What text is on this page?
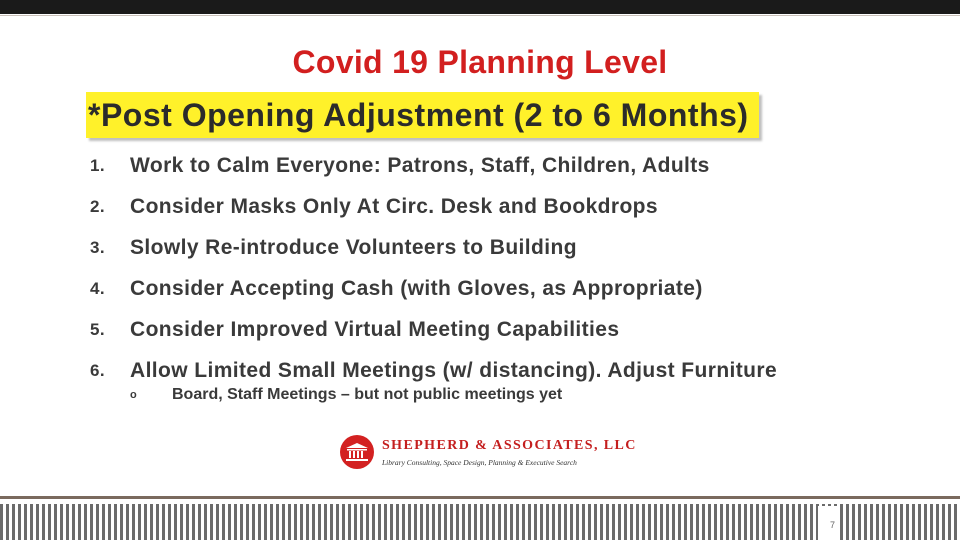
Covid 19 Planning Level
*Post Opening Adjustment (2 to 6 Months)
1.	Work to Calm Everyone: Patrons, Staff, Children, Adults
2.	Consider Masks Only At Circ. Desk and Bookdrops
3.	Slowly Re-introduce Volunteers to Building
4.	Consider Accepting Cash (with Gloves, as Appropriate)
5.	Consider Improved Virtual Meeting Capabilities
6.	Allow Limited Small Meetings (w/ distancing). Adjust Furniture
o	Board, Staff Meetings – but not public meetings yet
SHEPHERD & ASSOCIATES, LLC
Library Consulting, Space Design, Planning & Executive Search
7
